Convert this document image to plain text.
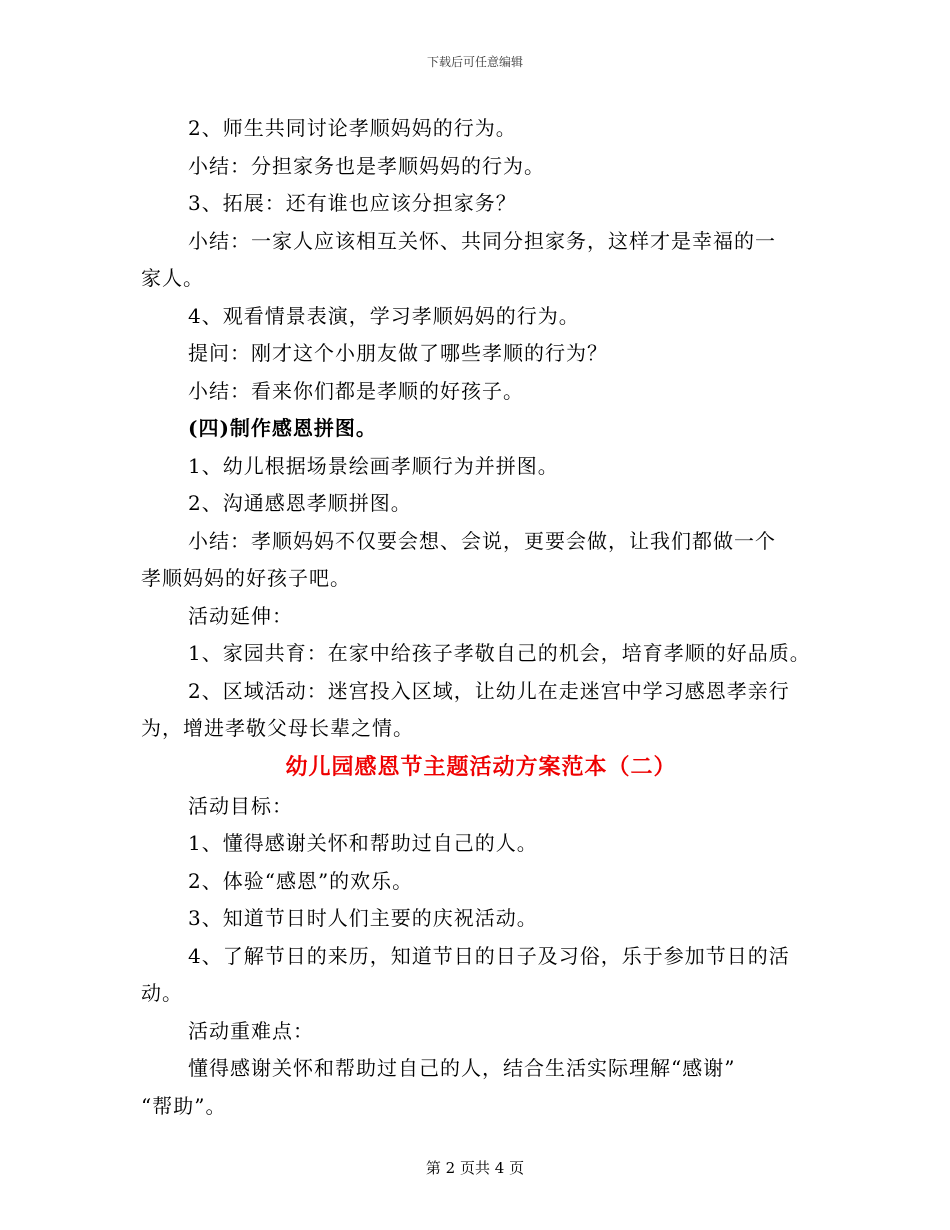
下载后可任意编辑

2、师生共同讨论孝顺妈妈的行为。

小结：分担家务也是孝顺妈妈的行为。

3、拓展：还有谁也应该分担家务？

小结：一家人应该相互关怀、共同分担家务，这样才是幸福的一

家人。

4、观看情景表演，学习孝顺妈妈的行为。

提问：刚才这个小朋友做了哪些孝顺的行为？

小结：看来你们都是孝顺的好孩子。

(四)制作感恩拼图。

1、幼儿根据场景绘画孝顺行为并拼图。

2、沟通感恩孝顺拼图。

小结：孝顺妈妈不仅要会想、会说，更要会做，让我们都做一个

孝顺妈妈的好孩子吧。

活动延伸：

1、家园共育：在家中给孩子孝敬自己的机会，培育孝顺的好品质。

2、区域活动：迷宫投入区域，让幼儿在走迷宫中学习感恩孝亲行

为，增进孝敬父母长辈之情。

幼儿园感恩节主题活动方案范本（二）

活动目标：

1、懂得感谢关怀和帮助过自己的人。

2、体验“感恩”的欢乐。

3、知道节日时人们主要的庆祝活动。

4、了解节日的来历，知道节日的日子及习俗，乐于参加节日的活

动。

活动重难点：

懂得感谢关怀和帮助过自己的人，结合生活实际理解“感谢”

“帮助”。

第 2 页共 4 页
